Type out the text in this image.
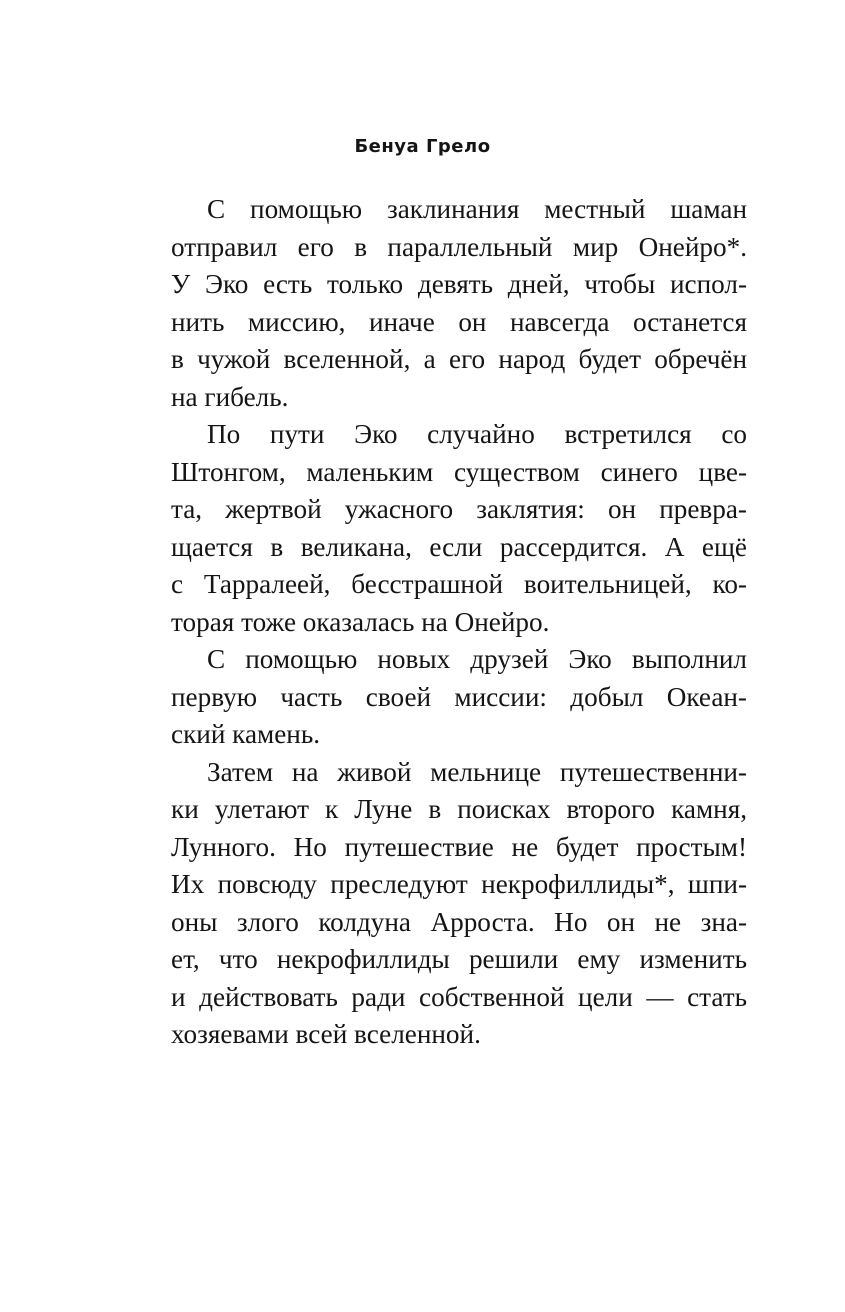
Бенуа Грело
С помощью заклинания местный шаман
отправил его в параллельный мир Онейро*.
У Эко есть только девять дней, чтобы испол-
нить миссию, иначе он навсегда останется
в чужой вселенной, а его народ будет обречён
на гибель.
По пути Эко случайно встретился со
Штонгом, маленьким существом синего цве-
та, жертвой ужасного заклятия: он превра-
щается в великана, если рассердится. А ещё
с Тарралеей, бесстрашной воительницей, ко-
торая тоже оказалась на Онейро.
С помощью новых друзей Эко выполнил
первую часть своей миссии: добыл Океан-
ский камень.
Затем на живой мельнице путешественни-
ки улетают к Луне в поисках второго камня,
Лунного. Но путешествие не будет простым!
Их повсюду преследуют некрофиллиды*, шпи-
оны злого колдуна Арроста. Но он не зна-
ет, что некрофиллиды решили ему изменить
и действовать ради собственной цели — стать
хозяевами всей вселенной.
